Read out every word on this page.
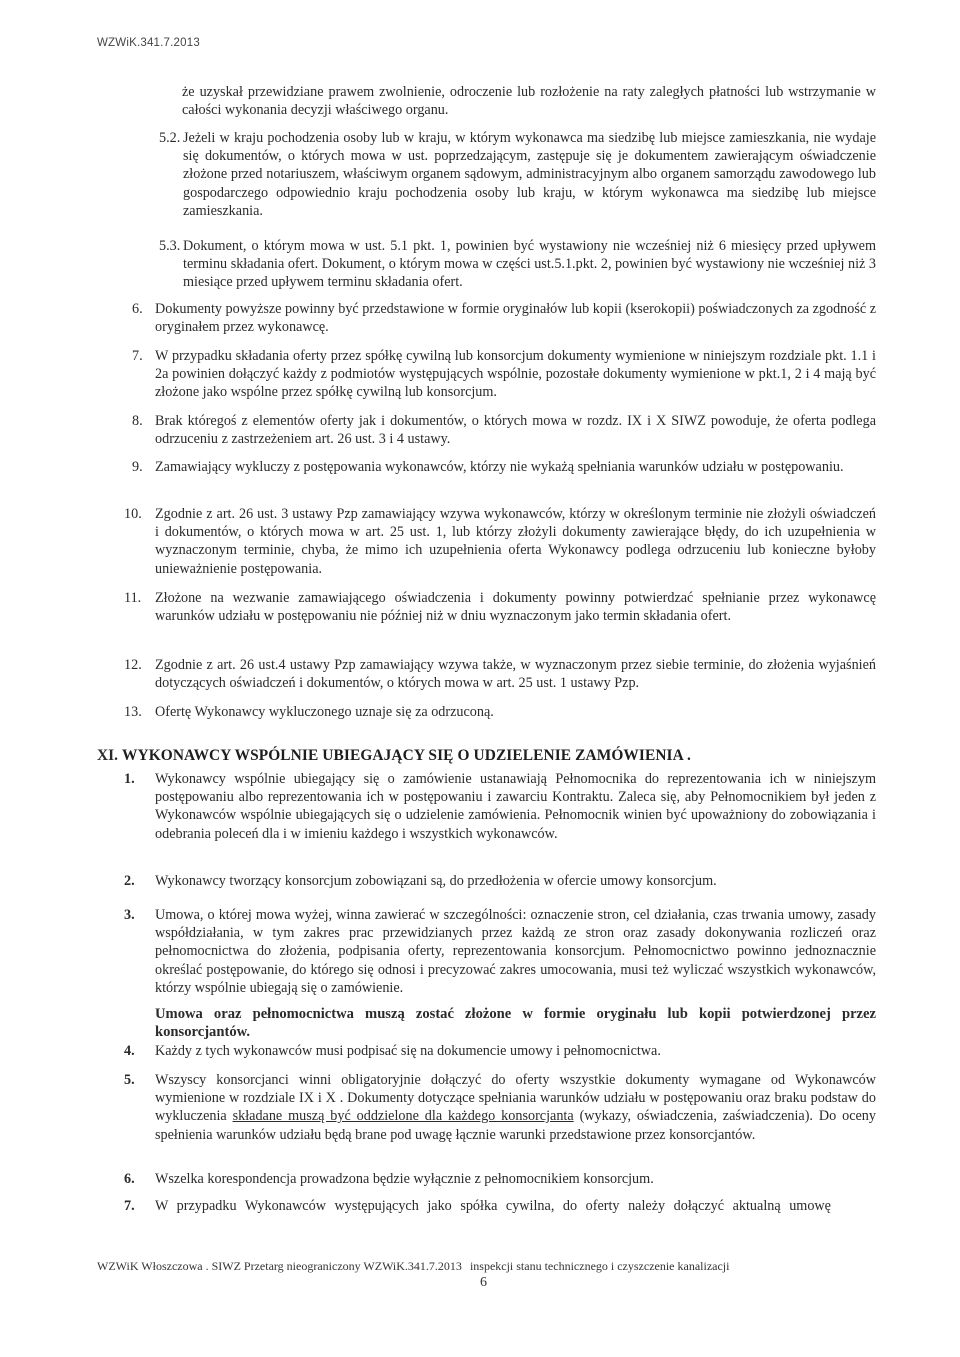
WZWiK.341.7.2013
że uzyskał przewidziane prawem zwolnienie, odroczenie lub rozłożenie na raty zaległych płatności lub wstrzymanie w całości wykonania decyzji właściwego organu.
5.2. Jeżeli w kraju pochodzenia osoby lub w kraju, w którym wykonawca ma siedzibę lub miejsce zamieszkania, nie wydaje się dokumentów, o których mowa w ust. poprzedzającym, zastępuje się je dokumentem zawierającym oświadczenie złożone przed notariuszem, właściwym organem sądowym, administracyjnym albo organem samorządu zawodowego lub gospodarczego odpowiednio kraju pochodzenia osoby lub kraju, w którym wykonawca ma siedzibę lub miejsce zamieszkania.
5.3. Dokument, o którym mowa w ust. 5.1 pkt. 1, powinien być wystawiony nie wcześniej niż 6 miesięcy przed upływem terminu składania ofert. Dokument, o którym mowa w części ust.5.1.pkt. 2, powinien być wystawiony nie wcześniej niż 3 miesiące przed upływem terminu składania ofert.
6. Dokumenty powyższe powinny być przedstawione w formie oryginałów lub kopii (kserokopii) poświadczonych za zgodność z oryginałem przez wykonawcę.
7. W przypadku składania oferty przez spółkę cywilną lub konsorcjum dokumenty wymienione w niniejszym rozdziale pkt. 1.1 i 2a powinien dołączyć każdy z podmiotów występujących wspólnie, pozostałe dokumenty wymienione w pkt.1, 2 i 4 mają być złożone jako wspólne przez spółkę cywilną lub konsorcjum.
8. Brak któregoś z elementów oferty jak i dokumentów, o których mowa w rozdz. IX i X SIWZ powoduje, że oferta podlega odrzuceniu z zastrzeżeniem art. 26 ust. 3 i 4 ustawy.
9. Zamawiający wykluczy z postępowania wykonawców, którzy nie wykażą spełniania warunków udziału w postępowaniu.
10. Zgodnie z art. 26 ust. 3 ustawy Pzp zamawiający wzywa wykonawców, którzy w określonym terminie nie złożyli oświadczeń i dokumentów, o których mowa w art. 25 ust. 1, lub którzy złożyli dokumenty zawierające błędy, do ich uzupełnienia w wyznaczonym terminie, chyba, że mimo ich uzupełnienia oferta Wykonawcy podlega odrzuceniu lub konieczne byłoby unieważnienie postępowania.
11. Złożone na wezwanie zamawiającego oświadczenia i dokumenty powinny potwierdzać spełnianie przez wykonawcę warunków udziału w postępowaniu nie później niż w dniu wyznaczonym jako termin składania ofert.
12. Zgodnie z art. 26 ust.4 ustawy Pzp zamawiający wzywa także, w wyznaczonym przez siebie terminie, do złożenia wyjaśnień dotyczących oświadczeń i dokumentów, o których mowa w art. 25 ust. 1 ustawy Pzp.
13. Ofertę Wykonawcy wykluczonego uznaje się za odrzuconą.
XI. WYKONAWCY WSPÓLNIE UBIEGAJĄCY SIĘ O UDZIELENIE ZAMÓWIENIA .
1. Wykonawcy wspólnie ubiegający się o zamówienie ustanawiają Pełnomocnika do reprezentowania ich w niniejszym postępowaniu albo reprezentowania ich w postępowaniu i zawarciu Kontraktu. Zaleca się, aby Pełnomocnikiem był jeden z Wykonawców wspólnie ubiegających się o udzielenie zamówienia. Pełnomocnik winien być upoważniony do zobowiązania i odebrania poleceń dla i w imieniu każdego i wszystkich wykonawców.
2. Wykonawcy tworzący konsorcjum zobowiązani są, do przedłożenia w ofercie umowy konsorcjum.
3. Umowa, o której mowa wyżej, winna zawierać w szczególności: oznaczenie stron, cel działania, czas trwania umowy, zasady współdziałania, w tym zakres prac przewidzianych przez każdą ze stron oraz zasady dokonywania rozliczeń oraz pełnomocnictwa do złożenia, podpisania oferty, reprezentowania konsorcjum. Pełnomocnictwo powinno jednoznacznie określać postępowanie, do którego się odnosi i precyzować zakres umocowania, musi też wyliczać wszystkich wykonawców, którzy wspólnie ubiegają się o zamówienie.
Umowa oraz pełnomocnictwa muszą zostać złożone w formie oryginału lub kopii potwierdzonej przez konsorcjantów.
4. Każdy z tych wykonawców musi podpisać się na dokumencie umowy i pełnomocnictwa.
5. Wszyscy konsorcjanci winni obligatoryjnie dołączyć do oferty wszystkie dokumenty wymagane od Wykonawców wymienione w rozdziale IX i X . Dokumenty dotyczące spełniania warunków udziału w postępowaniu oraz braku podstaw do wykluczenia składane muszą być oddzielone dla każdego konsorcjanta (wykazy, oświadczenia, zaświadczenia). Do oceny spełnienia warunków udziału będą brane pod uwagę łącznie warunki przedstawione przez konsorcjantów.
6. Wszelka korespondencja prowadzona będzie wyłącznie z pełnomocnikiem konsorcjum.
7. W przypadku Wykonawców występujących jako spółka cywilna, do oferty należy dołączyć aktualną umowę
WZWiK Włoszczowa . SIWZ Przetarg nieograniczony WZWiK.341.7.2013 inspekcji stanu technicznego i czyszczenie kanalizacji
6
